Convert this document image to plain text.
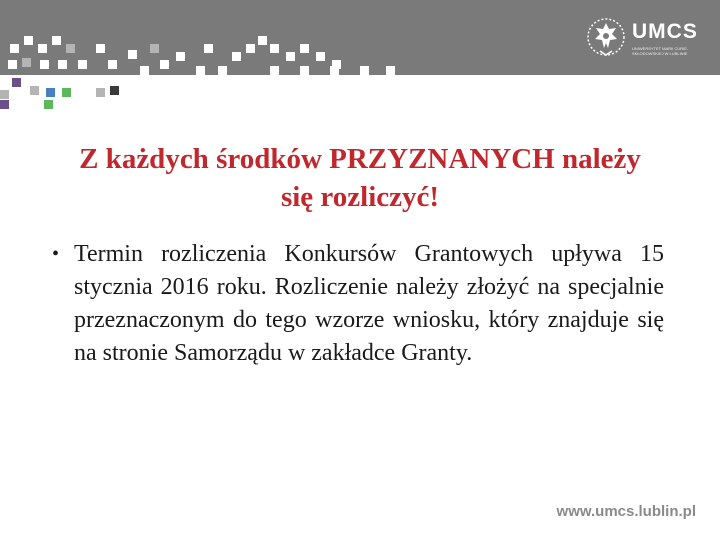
UMCS
UNIWERSYTET MARII CURIE-SKŁODOWSKIEJ W LUBLINIE
Z każdych środków PRZYZNANYCH należy
się rozliczyć!
• Termin rozliczenia Konkursów Grantowych upływa 15 stycznia 2016 roku. Rozliczenie należy złożyć na specjalnie przeznaczonym do tego wzorze wniosku, który znajduje się na stronie Samorządu w zakładce Granty.
www.umcs.lublin.pl
